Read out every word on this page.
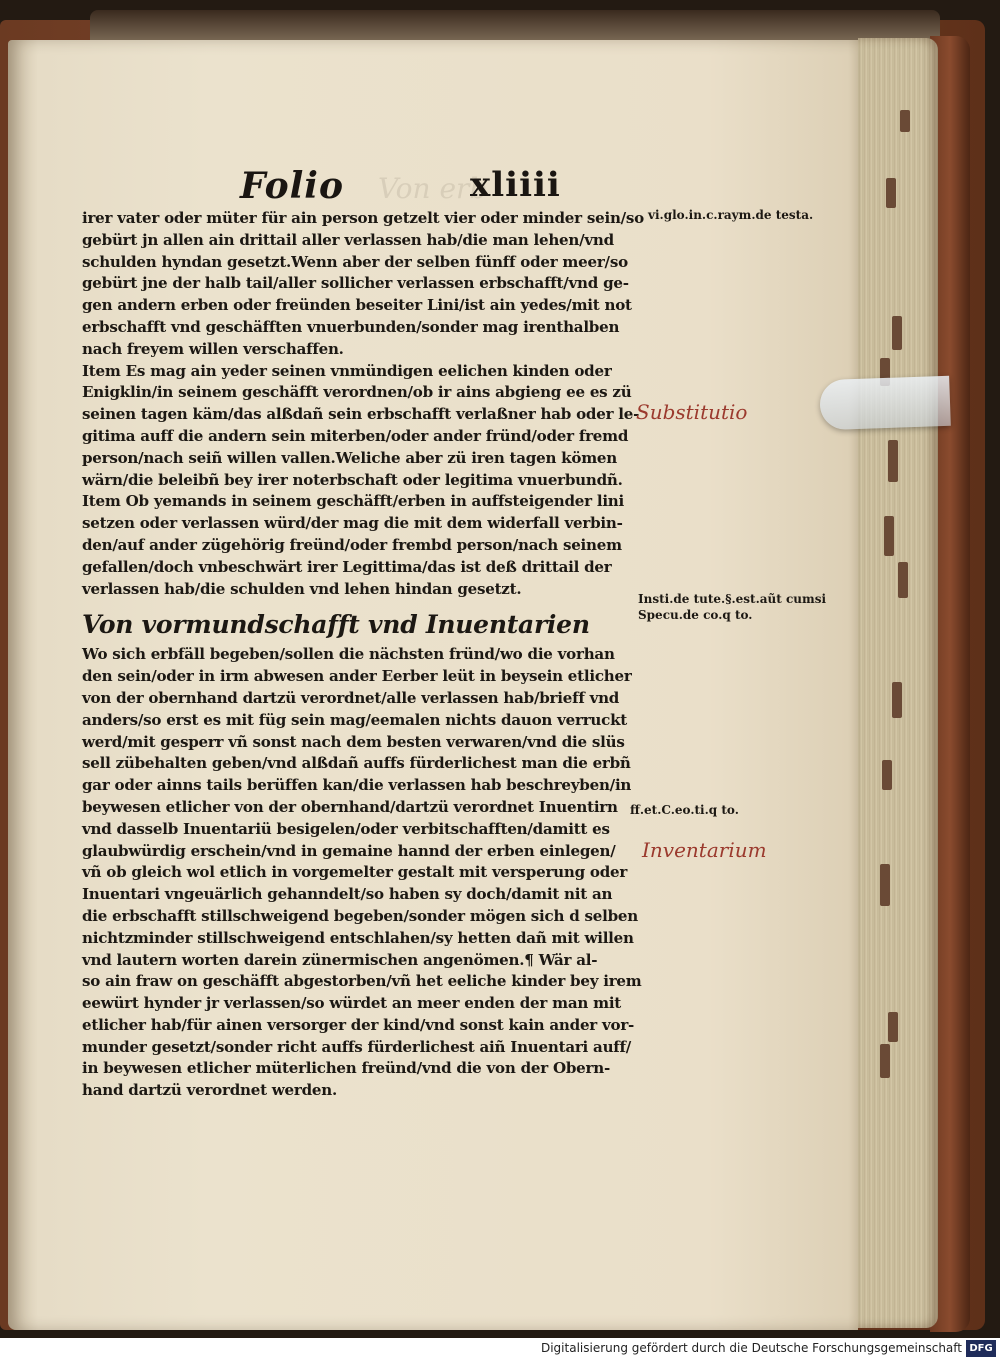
Von erb
Folio	xliiii
irer vater oder müter für ain person getzelt vier oder minder sein/so
gebürt jn allen ain drittail aller verlassen hab/die man lehen/vnd
schulden hyndan gesetzt.Wenn aber der selben fünff oder meer/so
gebürt jne der halb tail/aller sollicher verlassen erbschafft/vnd ge-
gen andern erben oder freünden beseiter Lini/ist ain yedes/mit not
erbschafft vnd geschäfften vnuerbunden/sonder mag irenthalben
nach freyem willen verschaffen.
Item Es mag ain yeder seinen vnmündigen eelichen kinden oder
Enigklin/in seinem geschäfft verordnen/ob ir ains abgieng ee es zü
seinen tagen käm/das alßdañ sein erbschafft verlaßner hab oder le-
gitima auff die andern sein miterben/oder ander fründ/oder fremd
person/nach seiñ willen vallen.Weliche aber zü iren tagen kömen
wärn/die beleibñ bey irer noterbschaft oder legitima vnuerbundñ.
Item Ob yemands in seinem geschäfft/erben in auffsteigender lini
setzen oder verlassen würd/der mag die mit dem widerfall verbin-
den/auf ander zügehörig freünd/oder frembd person/nach seinem
gefallen/doch vnbeschwärt irer Legittima/das ist deß drittail der
verlassen hab/die schulden vnd lehen hindan gesetzt.
Von vormundschafft vnd Inuentarien
Wo sich erbfäll begeben/sollen die nächsten fründ/wo die vorhan
den sein/oder in irm abwesen ander Eerber leüt in beysein etlicher
von der obernhand dartzü verordnet/alle verlassen hab/brieff vnd
anders/so erst es mit füg sein mag/eemalen nichts dauon verruckt
werd/mit gesperr vñ sonst nach dem besten verwaren/vnd die slüs
sell zübehalten geben/vnd alßdañ auffs fürderlichest man die erbñ
gar oder ainns tails berüffen kan/die verlassen hab beschreyben/in
beywesen etlicher von der obernhand/dartzü verordnet Inuentirn
vnd dasselb Inuentariü besigelen/oder verbitschafften/damitt es
glaubwürdig erschein/vnd in gemaine hannd der erben einlegen/
vñ ob gleich wol etlich in vorgemelter gestalt mit versperung oder
Inuentari vngeuärlich gehanndelt/so haben sy doch/damit nit an
die erbschafft stillschweigend begeben/sonder mögen sich d selben
nichtzminder stillschweigend entschlahen/sy hetten dañ mit willen
vnd lautern worten darein zünermischen angenömen.¶ Wär al-
so ain fraw on geschäfft abgestorben/vñ het eeliche kinder bey irem
eewürt hynder jr verlassen/so würdet an meer enden der man mit
etlicher hab/für ainen versorger der kind/vnd sonst kain ander vor-
munder gesetzt/sonder richt auffs fürderlichest aiñ Inuentari auff/
in beywesen etlicher müterlichen freünd/vnd die von der Obern-
hand dartzü verordnet werden.
vi.glo.in.c.raym.de testa.
Insti.de tute.§.est.aũt cumsi
Specu.de co.q to.
ff.et.C.eo.ti.q to.
Substitutio
Inventarium
Digitalisierung gefördert durch die Deutsche Forschungsgemeinschaft DFG
